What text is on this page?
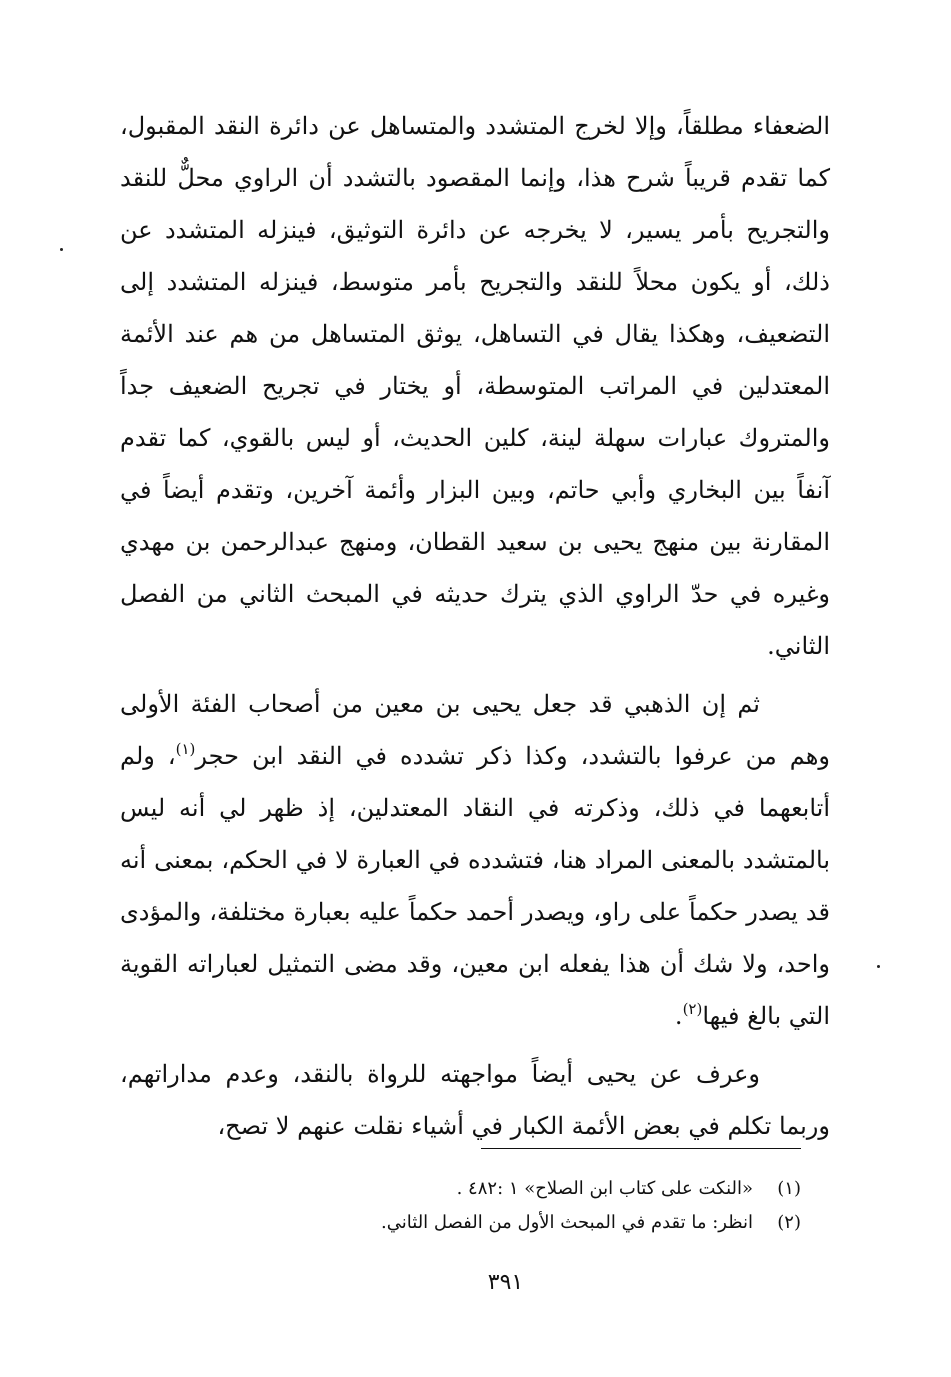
الضعفاء مطلقاً، وإلا لخرج المتشدد والمتساهل عن دائرة النقد المقبول، كما تقدم قريباً شرح هذا، وإنما المقصود بالتشدد أن الراوي محلٌّ للنقد والتجريح بأمر يسير، لا يخرجه عن دائرة التوثيق، فينزله المتشدد عن ذلك، أو يكون محلاً للنقد والتجريح بأمر متوسط، فينزله المتشدد إلى التضعيف، وهكذا يقال في التساهل، يوثق المتساهل من هم عند الأئمة المعتدلين في المراتب المتوسطة، أو يختار في تجريح الضعيف جداً والمتروك عبارات سهلة لينة، كلين الحديث، أو ليس بالقوي، كما تقدم آنفاً بين البخاري وأبي حاتم، وبين البزار وأئمة آخرين، وتقدم أيضاً في المقارنة بين منهج يحيى بن سعيد القطان، ومنهج عبدالرحمن بن مهدي وغيره في حدّ الراوي الذي يترك حديثه في المبحث الثاني من الفصل الثاني.

ثم إن الذهبي قد جعل يحيى بن معين من أصحاب الفئة الأولى وهم من عرفوا بالتشدد، وكذا ذكر تشدده في النقد ابن حجر$^{(١)}$، ولم أتابعهما في ذلك، وذكرته في النقاد المعتدلين، إذ ظهر لي أنه ليس بالمتشدد بالمعنى المراد هنا، فتشدده في العبارة لا في الحكم، بمعنى أنه قد يصدر حكماً على راو، ويصدر أحمد حكماً عليه بعبارة مختلفة، والمؤدى واحد، ولا شك أن هذا يفعله ابن معين، وقد مضى التمثيل لعباراته القوية التي بالغ فيها$^{(٢)}$.

وعرف عن يحيى أيضاً مواجهته للرواة بالنقد، وعدم مداراتهم، وربما تكلم في بعض الأئمة الكبار في أشياء نقلت عنهم لا تصح،

(١)
«النكت على كتاب ابن الصلاح» ١ :٤٨٢ .
(٢)
انظر: ما تقدم في المبحث الأول من الفصل الثاني.
٣٩١
